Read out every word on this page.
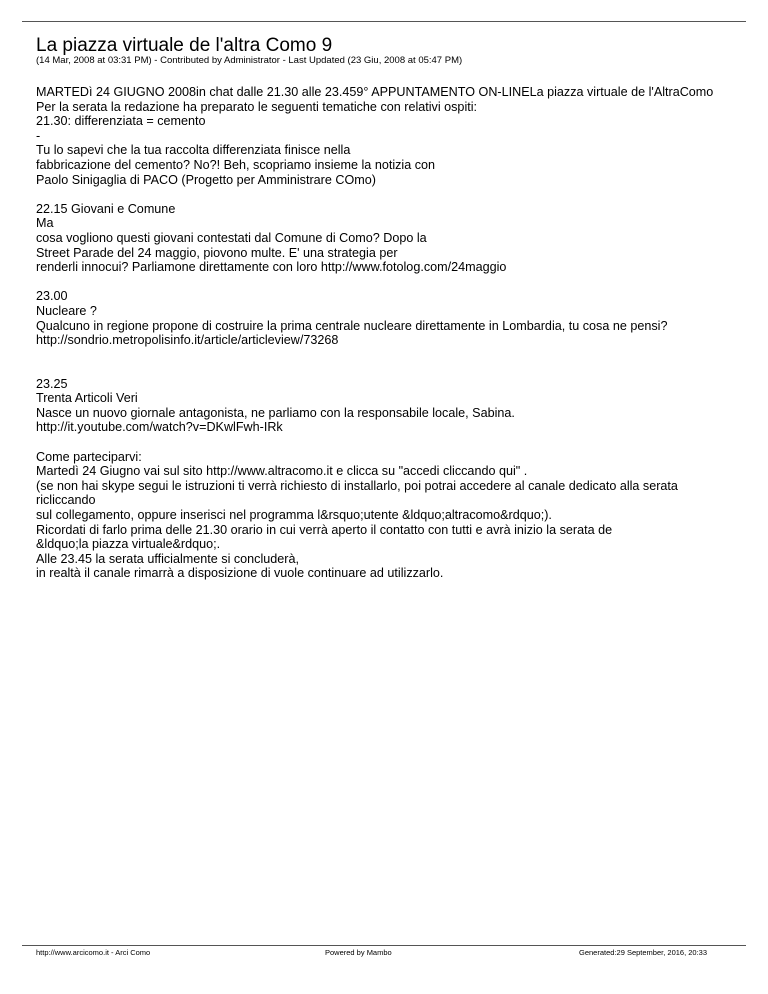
La piazza virtuale de l'altra Como 9
(14 Mar, 2008 at 03:31 PM) - Contributed by Administrator - Last Updated (23 Giu, 2008 at 05:47 PM)
MARTEDì 24 GIUGNO 2008in chat dalle 21.30 alle 23.459° APPUNTAMENTO ON-LINELa piazza virtuale de l'AltraComo
Per la serata la redazione ha preparato le seguenti tematiche con relativi ospiti:
21.30: differenziata = cemento
-
Tu lo sapevi che la tua raccolta differenziata finisce nella
fabbricazione del cemento? No?! Beh, scopriamo insieme la notizia con
Paolo Sinigaglia di PACO (Progetto per Amministrare COmo)
22.15 Giovani e Comune
Ma
cosa vogliono questi giovani contestati dal Comune di Como? Dopo la
Street Parade del 24 maggio, piovono multe. E' una strategia per
renderli innocui? Parliamone direttamente con loro http://www.fotolog.com/24maggio
23.00
Nucleare ?
Qualcuno in regione propone di costruire la prima centrale nucleare direttamente in Lombardia, tu cosa ne pensi?
http://sondrio.metropolisinfo.it/article/articleview/73268
23.25
Trenta Articoli Veri
Nasce un nuovo giornale antagonista, ne parliamo con la responsabile locale, Sabina.
http://it.youtube.com/watch?v=DKwlFwh-IRk
Come parteciparvi:
Martedì 24 Giugno vai sul sito http://www.altracomo.it e clicca su "accedi cliccando qui" .
(se non hai skype segui le istruzioni ti verrà richiesto di installarlo, poi potrai accedere al canale dedicato alla serata
ricliccando
sul collegamento, oppure inserisci nel programma l&rsquo;utente &ldquo;altracomo&rdquo;).
Ricordati di farlo prima delle 21.30 orario in cui verrà aperto il contatto con tutti e avrà inizio la serata de
&ldquo;la piazza virtuale&rdquo;.
Alle 23.45 la serata ufficialmente si concluderà,
in realtà il canale rimarrà a disposizione di vuole continuare ad utilizzarlo.
http://www.arcicomo.it - Arci Como	Powered by Mambo	Generated:29 September, 2016, 20:33
